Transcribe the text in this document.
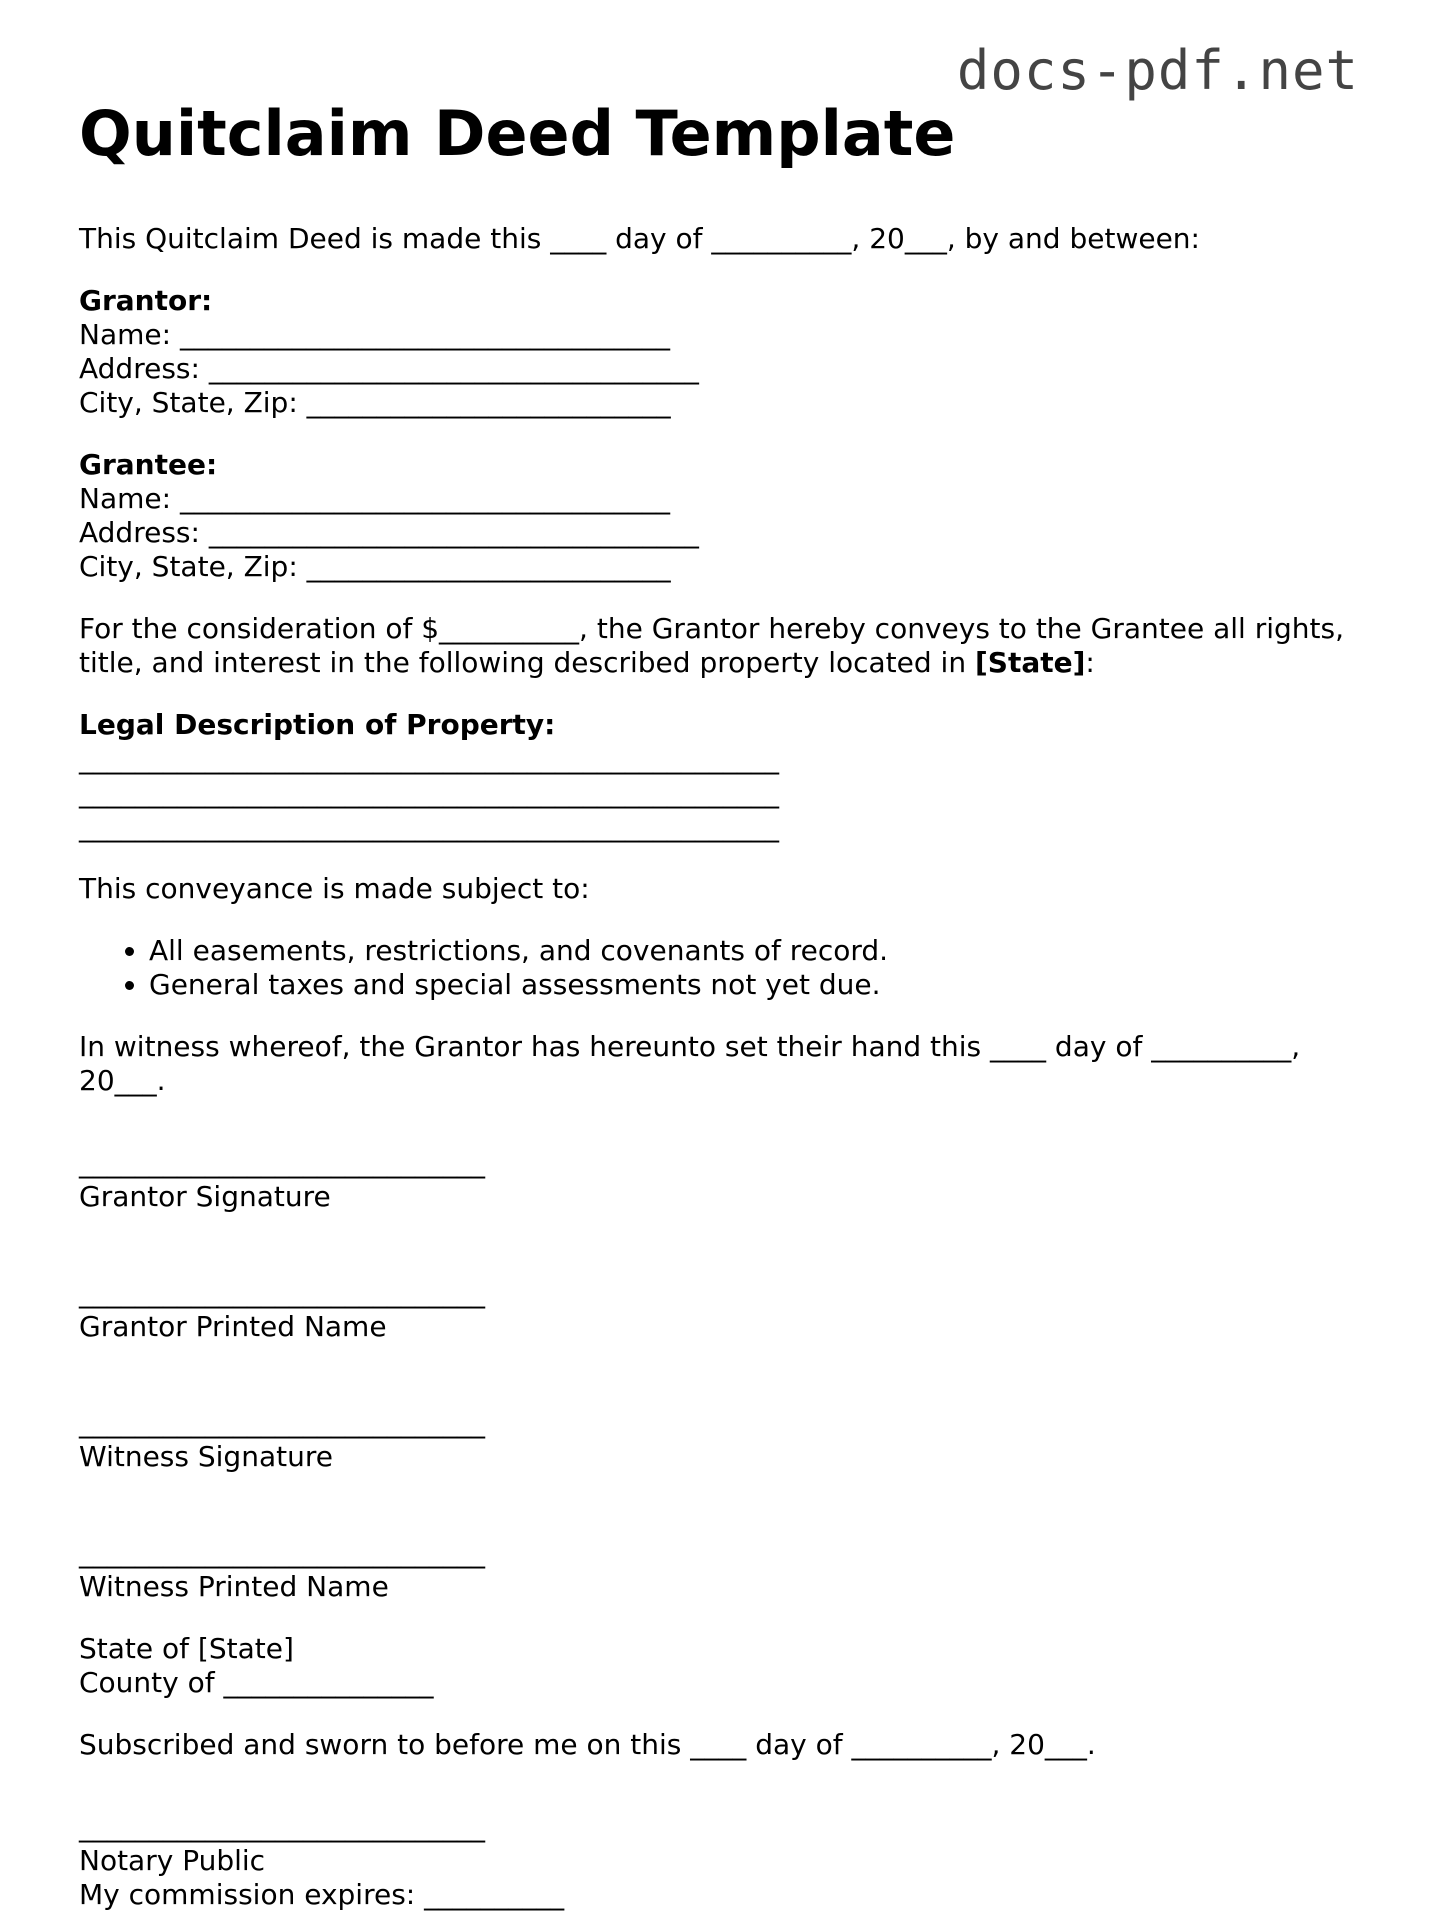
docs-pdf.net
Quitclaim Deed Template

This Quitclaim Deed is made this ____ day of __________, 20___, by and between:

Grantor:
Name: ___________________________________
Address: ___________________________________
City, State, Zip: __________________________
Grantee:
Name: ___________________________________
Address: ___________________________________
City, State, Zip: __________________________

For the consideration of $__________, the Grantor hereby conveys to the Grantee all rights, title, and interest in the following described property located in [State]:

Legal Description of Property:
__________________________________________________
__________________________________________________
__________________________________________________

This conveyance is made subject to:

• All easements, restrictions, and covenants of record.
• General taxes and special assessments not yet due.

In witness whereof, the Grantor has hereunto set their hand this ____ day of __________, 20___.

_____________________________
Grantor Signature
_____________________________
Grantor Printed Name
_____________________________
Witness Signature
_____________________________
Witness Printed Name
State of [State]
County of _______________

Subscribed and sworn to before me on this ____ day of __________, 20___.

_____________________________
Notary Public
My commission expires: __________
